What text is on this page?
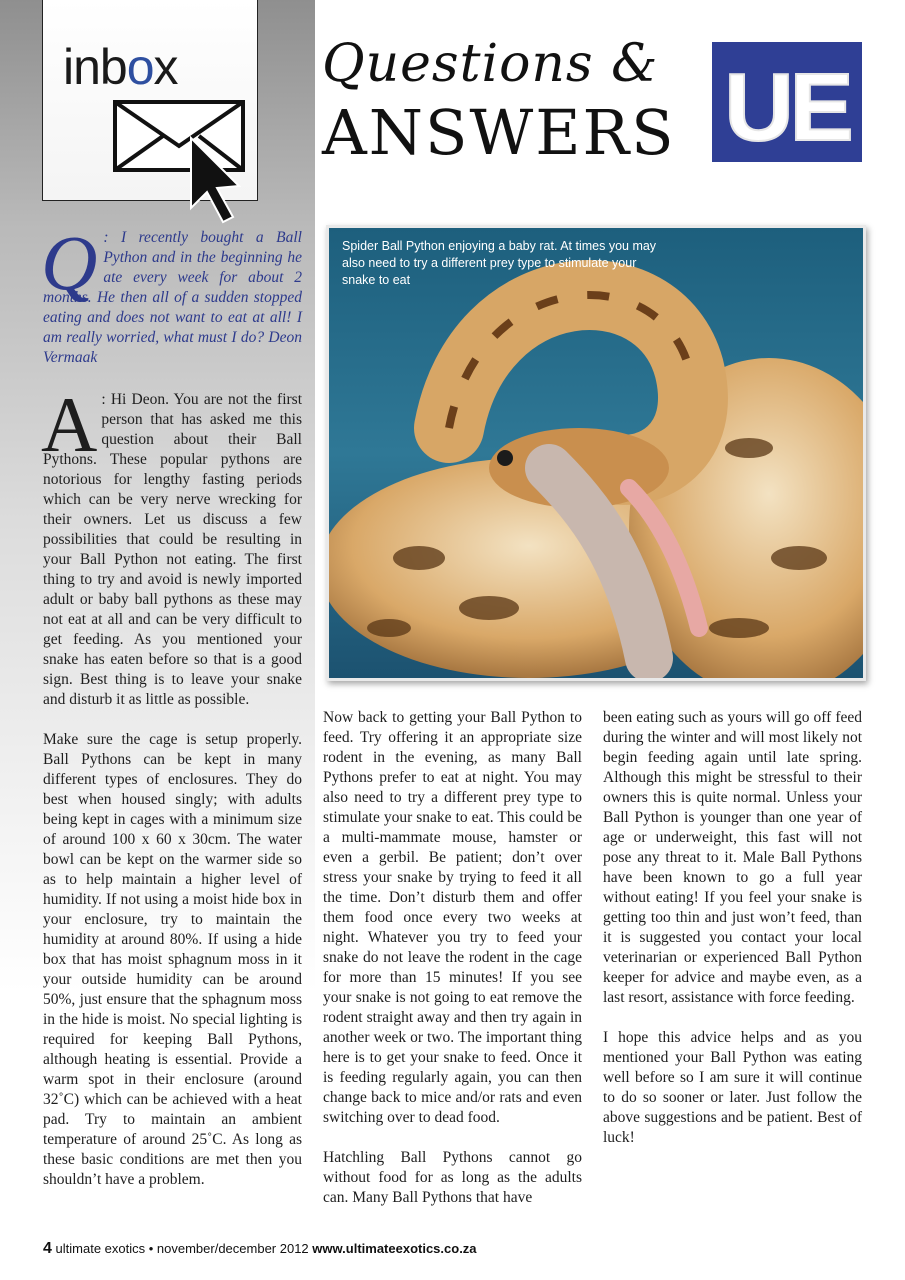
inbox	Questions &
ANSWERS UE
Q : I recently bought a Ball Python and in the beginning he ate every week for about 2 months. He then all of a sudden stopped eating and does not want to eat at all! I am really worried, what must I do? Deon Vermaak

A : Hi Deon. You are not the first person that has asked me this question about their Ball Pythons. These popular pythons are notorious for lengthy fasting periods which can be very nerve wrecking for their owners. Let us discuss a few possibilities that could be resulting in your Ball Python not eating. The first thing to try and avoid is newly imported adult or baby ball pythons as these may not eat at all and can be very difficult to get feeding. As you mentioned your snake has eaten before so that is a good sign. Best thing is to leave your snake and disturb it as little as possible.

Make sure the cage is setup properly. Ball Pythons can be kept in many different types of enclosures. They do best when housed singly; with adults being kept in cages with a minimum size of around 100 x 60 x 30cm. The water bowl can be kept on the warmer side so as to help maintain a higher level of humidity. If not using a moist hide box in your enclosure, try to maintain the humidity at around 80%. If using a hide box that has moist sphagnum moss in it your outside humidity can be around 50%, just ensure that the sphagnum moss in the hide is moist. No special lighting is required for keeping Ball Pythons, although heating is essential. Provide a warm spot in their enclosure (around 32˚C) which can be achieved with a heat pad. Try to maintain an ambient temperature of around 25˚C. As long as these basic conditions are met then you shouldn’t have a problem.

Spider Ball Python enjoying a baby rat. At times you may also need to try a different prey type to stimulate your snake to eat

Now back to getting your Ball Python to feed. Try offering it an appropriate size rodent in the evening, as many Ball Pythons prefer to eat at night. You may also need to try a different prey type to stimulate your snake to eat. This could be a multi-mammate mouse, hamster or even a gerbil. Be patient; don’t over stress your snake by trying to feed it all the time. Don’t disturb them and offer them food once every two weeks at night. Whatever you try to feed your snake do not leave the rodent in the cage for more than 15 minutes! If you see your snake is not going to eat remove the rodent straight away and then try again in another week or two. The important thing here is to get your snake to feed. Once it is feeding regularly again, you can then change back to mice and/or rats and even switching over to dead food.

Hatchling Ball Pythons cannot go without food for as long as the adults can. Many Ball Pythons that have

been eating such as yours will go off feed during the winter and will most likely not begin feeding again until late spring. Although this might be stressful to their owners this is quite normal. Unless your Ball Python is younger than one year of age or underweight, this fast will not pose any threat to it. Male Ball Pythons have been known to go a full year without eating! If you feel your snake is getting too thin and just won’t feed, than it is suggested you contact your local veterinarian or experienced Ball Python keeper for advice and maybe even, as a last resort, assistance with force feeding.

I hope this advice helps and as you mentioned your Ball Python was eating well before so I am sure it will continue to do so sooner or later. Just follow the above suggestions and be patient. Best of luck!

4 ultimate exotics • november/december 2012 www.ultimateexotics.co.za
